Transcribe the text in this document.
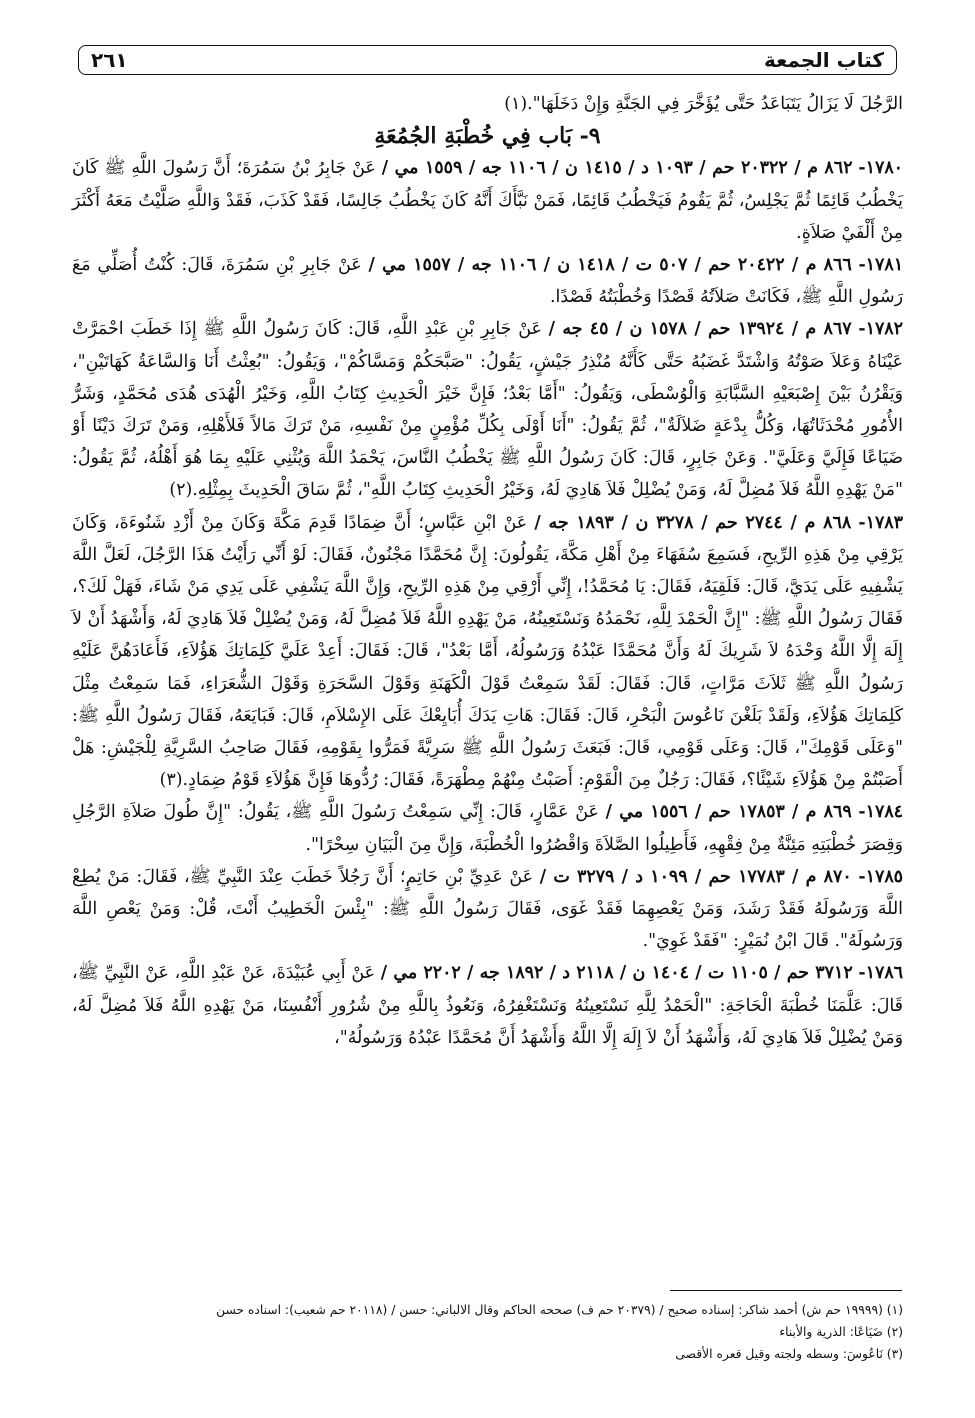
كتاب الجمعة
٢٦١

الرَّجُلَ لَا يَزَالُ يَتَبَاعَدُ حَتَّى يُؤَخَّرَ فِي الجَنَّةِ وَإِنْ دَخَلَهَا".(١)

٩- بَاب فِي خُطْبَةِ الجُمُعَةِ

١٧٨٠- ٨٦٢ م / ٢٠٣٢٢ حم / ١٠٩٣ د / ١٤١٥ ن / ١١٠٦ جه / ١٥٥٩ مي / عَنْ جَابِرُ بْنُ سَمُرَةَ؛ أَنَّ رَسُولَ اللَّهِ ﷺ كَانَ يَخْطُبُ قَائِمًا ثُمَّ يَجْلِسُ، ثُمَّ يَقُومُ فَيَخْطُبُ قَائِمًا، فَمَنْ نَبَّأَكَ أَنَّهُ كَانَ يَخْطُبُ جَالِسًا، فَقَدْ كَذَبَ، فَقَدْ وَاللَّهِ صَلَّيْتُ مَعَهُ أَكْثَرَ مِنْ أَلْفَيْ صَلاَةٍ.

١٧٨١- ٨٦٦ م / ٢٠٤٢٢ حم / ٥٠٧ ت / ١٤١٨ ن / ١١٠٦ جه / ١٥٥٧ مي / عَنْ جَابِرِ بْنِ سَمُرَةَ، قَالَ: كُنْتُ أُصَلِّي مَعَ رَسُولِ اللَّهِ ﷺ، فَكَانَتْ صَلاَتُهُ قَصْدًا وَخُطْبَتُهُ قَصْدًا.

١٧٨٢- ٨٦٧ م / ١٣٩٢٤ حم / ١٥٧٨ ن / ٤٥ جه / عَنْ جَابِرِ بْنِ عَبْدِ اللَّهِ، قَالَ: كَانَ رَسُولُ اللَّهِ ﷺ إِذَا خَطَبَ احْمَرَّتْ عَيْنَاهُ وَعَلاَ صَوْتُهُ وَاشْتَدَّ غَضَبُهُ حَتَّى كَأَنَّهُ مُنْذِرُ جَيْشٍ، يَقُولُ: "صَبَّحَكُمْ وَمَسَّاكُمْ"، وَيَقُولُ: "بُعِثْتُ أَنَا وَالسَّاعَةُ كَهَاتَيْنِ"، وَيَقْرُنُ بَيْنَ إِصْبَعَيْهِ السَّبَّابَةِ وَالْوُسْطَى، وَيَقُولُ: "أَمَّا بَعْدُ؛ فَإِنَّ خَيْرَ الْحَدِيثِ كِتَابُ اللَّهِ، وَخَيْرُ الْهُدَى هُدَى مُحَمَّدٍ، وَشَرُّ الأُمُورِ مُحْدَثَاتُهَا، وَكُلُّ بِدْعَةٍ ضَلاَلَةٌ"، ثُمَّ يَقُولُ: "أَنَا أَوْلَى بِكُلِّ مُؤْمِنٍ مِنْ نَفْسِهِ، مَنْ تَرَكَ مَالاً فَلأَهْلِهِ، وَمَنْ تَرَكَ دَيْنًا أَوْ ضَيَاعًا فَإِلَيَّ وَعَلَيَّ". وَعَنْ جَابِرٍ، قَالَ: كَانَ رَسُولُ اللَّهِ ﷺ يَخْطُبُ النَّاسَ، يَحْمَدُ اللَّهَ وَيُثْنِي عَلَيْهِ بِمَا هُوَ أَهْلُهُ، ثُمَّ يَقُولُ: "مَنْ يَهْدِهِ اللَّهُ فَلاَ مُضِلَّ لَهُ، وَمَنْ يُضْلِلْ فَلاَ هَادِيَ لَهُ، وَخَيْرُ الْحَدِيثِ كِتَابُ اللَّهِ"، ثُمَّ سَاقَ الْحَدِيثَ بِمِثْلِهِ.(٢)

١٧٨٣- ٨٦٨ م / ٢٧٤٤ حم / ٣٢٧٨ ن / ١٨٩٣ جه / عَنْ ابْنِ عَبَّاسٍ؛ أَنَّ ضِمَادًا قَدِمَ مَكَّةَ وَكَانَ مِنْ أَزْدِ شَنُوءَةَ، وَكَانَ يَرْقِي مِنْ هَذِهِ الرِّيحِ، فَسَمِعَ سُفَهَاءَ مِنْ أَهْلِ مَكَّةَ، يَقُولُونَ: إِنَّ مُحَمَّدًا مَجْنُونٌ، فَقَالَ: لَوْ أَنِّي رَأَيْتُ هَذَا الرَّجُلَ، لَعَلَّ اللَّهَ يَشْفِيهِ عَلَى يَدَيَّ، قَالَ: فَلَقِيَهُ، فَقَالَ: يَا مُحَمَّدُ!، إِنِّي أَرْقِي مِنْ هَذِهِ الرِّيحِ، وَإِنَّ اللَّهَ يَشْفِي عَلَى يَدِي مَنْ شَاءَ، فَهَلْ لَكَ؟، فَقَالَ رَسُولُ اللَّهِ ﷺ: "إِنَّ الْحَمْدَ لِلَّهِ، نَحْمَدُهُ وَنَسْتَعِينُهُ، مَنْ يَهْدِهِ اللَّهُ فَلاَ مُضِلَّ لَهُ، وَمَنْ يُضْلِلْ فَلاَ هَادِيَ لَهُ، وَأَشْهَدُ أَنْ لاَ إِلَهَ إِلَّا اللَّهُ وَحْدَهُ لاَ شَرِيكَ لَهُ وَأَنَّ مُحَمَّدًا عَبْدُهُ وَرَسُولُهُ، أَمَّا بَعْدُ"، قَالَ: فَقَالَ: أَعِدْ عَلَيَّ كَلِمَاتِكَ هَؤُلاَءِ، فَأَعَادَهُنَّ عَلَيْهِ رَسُولُ اللَّهِ ﷺ ثَلاَثَ مَرَّاتٍ، قَالَ: فَقَالَ: لَقَدْ سَمِعْتُ قَوْلَ الْكَهَنَةِ وَقَوْلَ السَّحَرَةِ وَقَوْلَ الشُّعَرَاءِ، فَمَا سَمِعْتُ مِثْلَ كَلِمَاتِكَ هَؤُلاَءِ، وَلَقَدْ بَلَغْنَ نَاعُوسَ الْبَحْرِ، قَالَ: فَقَالَ: هَاتِ يَدَكَ أُبَايِعْكَ عَلَى الإِسْلاَمِ، قَالَ: فَبَايَعَهُ، فَقَالَ رَسُولُ اللَّهِ ﷺ: "وَعَلَى قَوْمِكَ"، قَالَ: وَعَلَى قَوْمِي، قَالَ: فَبَعَثَ رَسُولُ اللَّهِ ﷺ سَرِيَّةً فَمَرُّوا بِقَوْمِهِ، فَقَالَ صَاحِبُ السَّرِيَّةِ لِلْجَيْشِ: هَلْ أَصَبْتُمْ مِنْ هَؤُلاَءِ شَيْئًا؟، فَقَالَ: رَجُلٌ مِنَ الْقَوْمِ: أَصَبْتُ مِنْهُمْ مِطْهَرَةً، فَقَالَ: رُدُّوهَا فَإِنَّ هَؤُلاَءِ قَوْمُ ضِمَادٍ.(٣)

١٧٨٤- ٨٦٩ م / ١٧٨٥٣ حم / ١٥٥٦ مي / عَنْ عَمَّارٍ، قَالَ: إِنِّي سَمِعْتُ رَسُولَ اللَّهِ ﷺ، يَقُولُ: "إِنَّ طُولَ صَلاَةِ الرَّجُلِ وَقِصَرَ خُطْبَتِهِ مَئِنَّةٌ مِنْ فِقْهِهِ، فَأَطِيلُوا الصَّلاَةَ وَاقْصُرُوا الْخُطْبَةَ، وَإِنَّ مِنَ الْبَيَانِ سِحْرًا".

١٧٨٥- ٨٧٠ م / ١٧٧٨٣ حم / ١٠٩٩ د / ٣٢٧٩ ت / عَنْ عَدِيِّ بْنِ حَاتِمٍ؛ أَنَّ رَجُلاً خَطَبَ عِنْدَ النَّبِيِّ ﷺ، فَقَالَ: مَنْ يُطِعْ اللَّهَ وَرَسُولَهُ فَقَدْ رَشَدَ، وَمَنْ يَعْصِهِمَا فَقَدْ غَوَى، فَقَالَ رَسُولُ اللَّهِ ﷺ: "بِئْسَ الْخَطِيبُ أَنْتَ، قُلْ: وَمَنْ يَعْصِ اللَّهَ وَرَسُولَهُ". قَالَ ابْنُ نُمَيْرٍ: "فَقَدْ غَوِيَ".

١٧٨٦- ٣٧١٢ حم / ١١٠٥ ت / ١٤٠٤ ن / ٢١١٨ د / ١٨٩٢ جه / ٢٢٠٢ مي / عَنْ أَبِي عُبَيْدَةَ، عَنْ عَبْدِ اللَّهِ، عَنْ النَّبِيِّ ﷺ، قَالَ: عَلَّمَنَا خُطْبَةَ الْحَاجَةِ: "الْحَمْدُ لِلَّهِ نَسْتَعِينُهُ وَنَسْتَغْفِرُهُ، وَنَعُوذُ بِاللَّهِ مِنْ شُرُورِ أَنْفُسِنَا، مَنْ يَهْدِهِ اللَّهُ فَلاَ مُضِلَّ لَهُ، وَمَنْ يُضْلِلْ فَلاَ هَادِيَ لَهُ، وَأَشْهَدُ أَنْ لاَ إِلَهَ إِلَّا اللَّهُ وَأَشْهَدُ أَنَّ مُحَمَّدًا عَبْدُهُ وَرَسُولُهُ"،

(١) (١٩٩٩٩ حم ش) أحمد شاكر: إسناده صحيح / (٢٠٣٧٩ حم ف) صححه الحاكم وقال الالباني: حسن / (٢٠١١٨ حم شعيب): اسناده حسن
(٢) ضَيَاعًا: الذرية والأبناء
(٣) نَاعُوسَ: وسطه ولجته وقيل قعره الأقصى
